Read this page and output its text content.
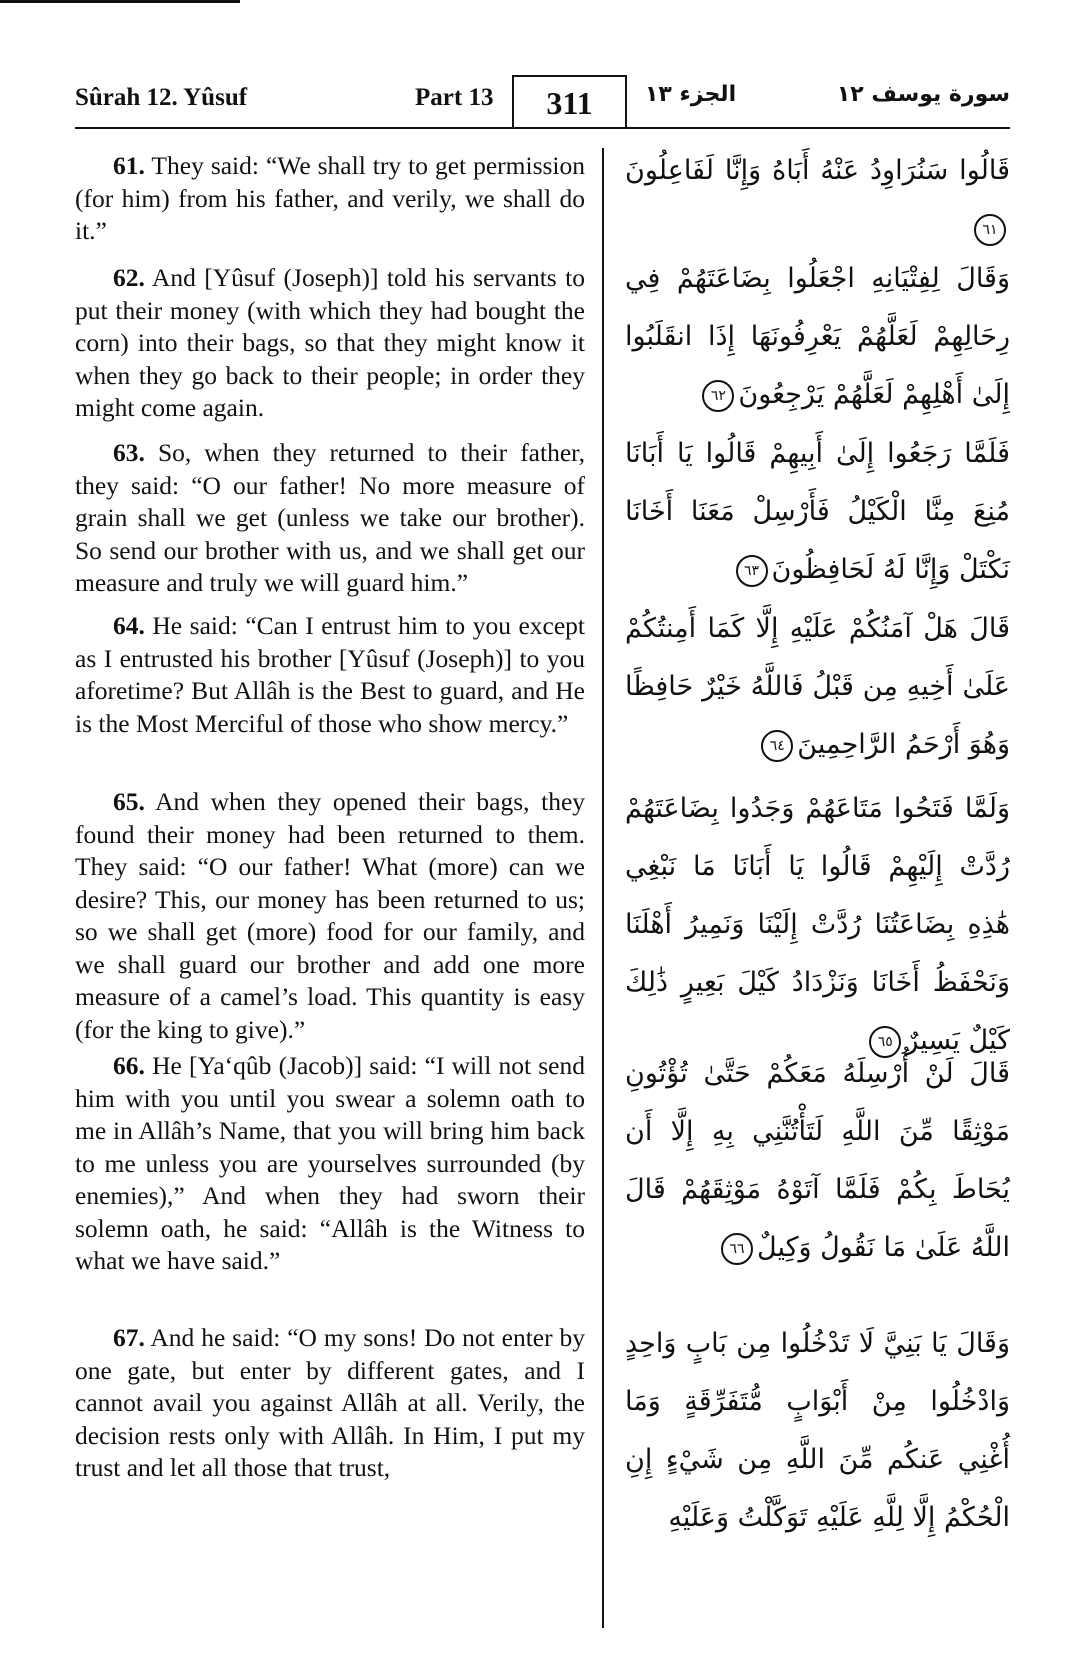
Sûrah 12. Yûsuf	Part 13	311	الجزء ١٣	سورة يوسف ١٢

61. They said: “We shall try to get permission (for him) from his father, and verily, we shall do it.”

62. And [Yûsuf (Joseph)] told his servants to put their money (with which they had bought the corn) into their bags, so that they might know it when they go back to their people; in order they might come again.

63. So, when they returned to their father, they said: “O our father! No more measure of grain shall we get (unless we take our brother). So send our brother with us, and we shall get our measure and truly we will guard him.”

64. He said: “Can I entrust him to you except as I entrusted his brother [Yûsuf (Joseph)] to you aforetime? But Allâh is the Best to guard, and He is the Most Merciful of those who show mercy.”

65. And when they opened their bags, they found their money had been returned to them. They said: “O our father! What (more) can we desire? This, our money has been returned to us; so we shall get (more) food for our family, and we shall guard our brother and add one more measure of a camel’s load. This quantity is easy (for the king to give).”

66. He [Ya‘qûb (Jacob)] said: “I will not send him with you until you swear a solemn oath to me in Allâh’s Name, that you will bring him back to me unless you are yourselves surrounded (by enemies),” And when they had sworn their solemn oath, he said: “Allâh is the Witness to what we have said.”

67. And he said: “O my sons! Do not enter by one gate, but enter by different gates, and I cannot avail you against Allâh at all. Verily, the decision rests only with Allâh. In Him, I put my trust and let all those that trust,

قَالُوا سَنُرَاوِدُ عَنْهُ أَبَاهُ وَإِنَّا لَفَاعِلُونَ٦١

وَقَالَ لِفِتْيَانِهِ اجْعَلُوا بِضَاعَتَهُمْ فِي رِحَالِهِمْ لَعَلَّهُمْ يَعْرِفُونَهَا إِذَا انقَلَبُوا إِلَىٰ أَهْلِهِمْ لَعَلَّهُمْ يَرْجِعُونَ٦٢

فَلَمَّا رَجَعُوا إِلَىٰ أَبِيهِمْ قَالُوا يَا أَبَانَا مُنِعَ مِنَّا الْكَيْلُ فَأَرْسِلْ مَعَنَا أَخَانَا نَكْتَلْ وَإِنَّا لَهُ لَحَافِظُونَ٦٣

قَالَ هَلْ آمَنُكُمْ عَلَيْهِ إِلَّا كَمَا أَمِنتُكُمْ عَلَىٰ أَخِيهِ مِن قَبْلُ فَاللَّهُ خَيْرٌ حَافِظًا وَهُوَ أَرْحَمُ الرَّاحِمِينَ٦٤

وَلَمَّا فَتَحُوا مَتَاعَهُمْ وَجَدُوا بِضَاعَتَهُمْ رُدَّتْ إِلَيْهِمْ قَالُوا يَا أَبَانَا مَا نَبْغِي هَٰذِهِ بِضَاعَتُنَا رُدَّتْ إِلَيْنَا وَنَمِيرُ أَهْلَنَا وَنَحْفَظُ أَخَانَا وَنَزْدَادُ كَيْلَ بَعِيرٍ ذَٰلِكَ كَيْلٌ يَسِيرٌ٦٥

قَالَ لَنْ أُرْسِلَهُ مَعَكُمْ حَتَّىٰ تُؤْتُونِ مَوْثِقًا مِّنَ اللَّهِ لَتَأْتُنَّنِي بِهِ إِلَّا أَن يُحَاطَ بِكُمْ فَلَمَّا آتَوْهُ مَوْثِقَهُمْ قَالَ اللَّهُ عَلَىٰ مَا نَقُولُ وَكِيلٌ٦٦

وَقَالَ يَا بَنِيَّ لَا تَدْخُلُوا مِن بَابٍ وَاحِدٍ وَادْخُلُوا مِنْ أَبْوَابٍ مُّتَفَرِّقَةٍ وَمَا أُغْنِي عَنكُم مِّنَ اللَّهِ مِن شَيْءٍ إِنِ الْحُكْمُ إِلَّا لِلَّهِ عَلَيْهِ تَوَكَّلْتُ وَعَلَيْهِ
